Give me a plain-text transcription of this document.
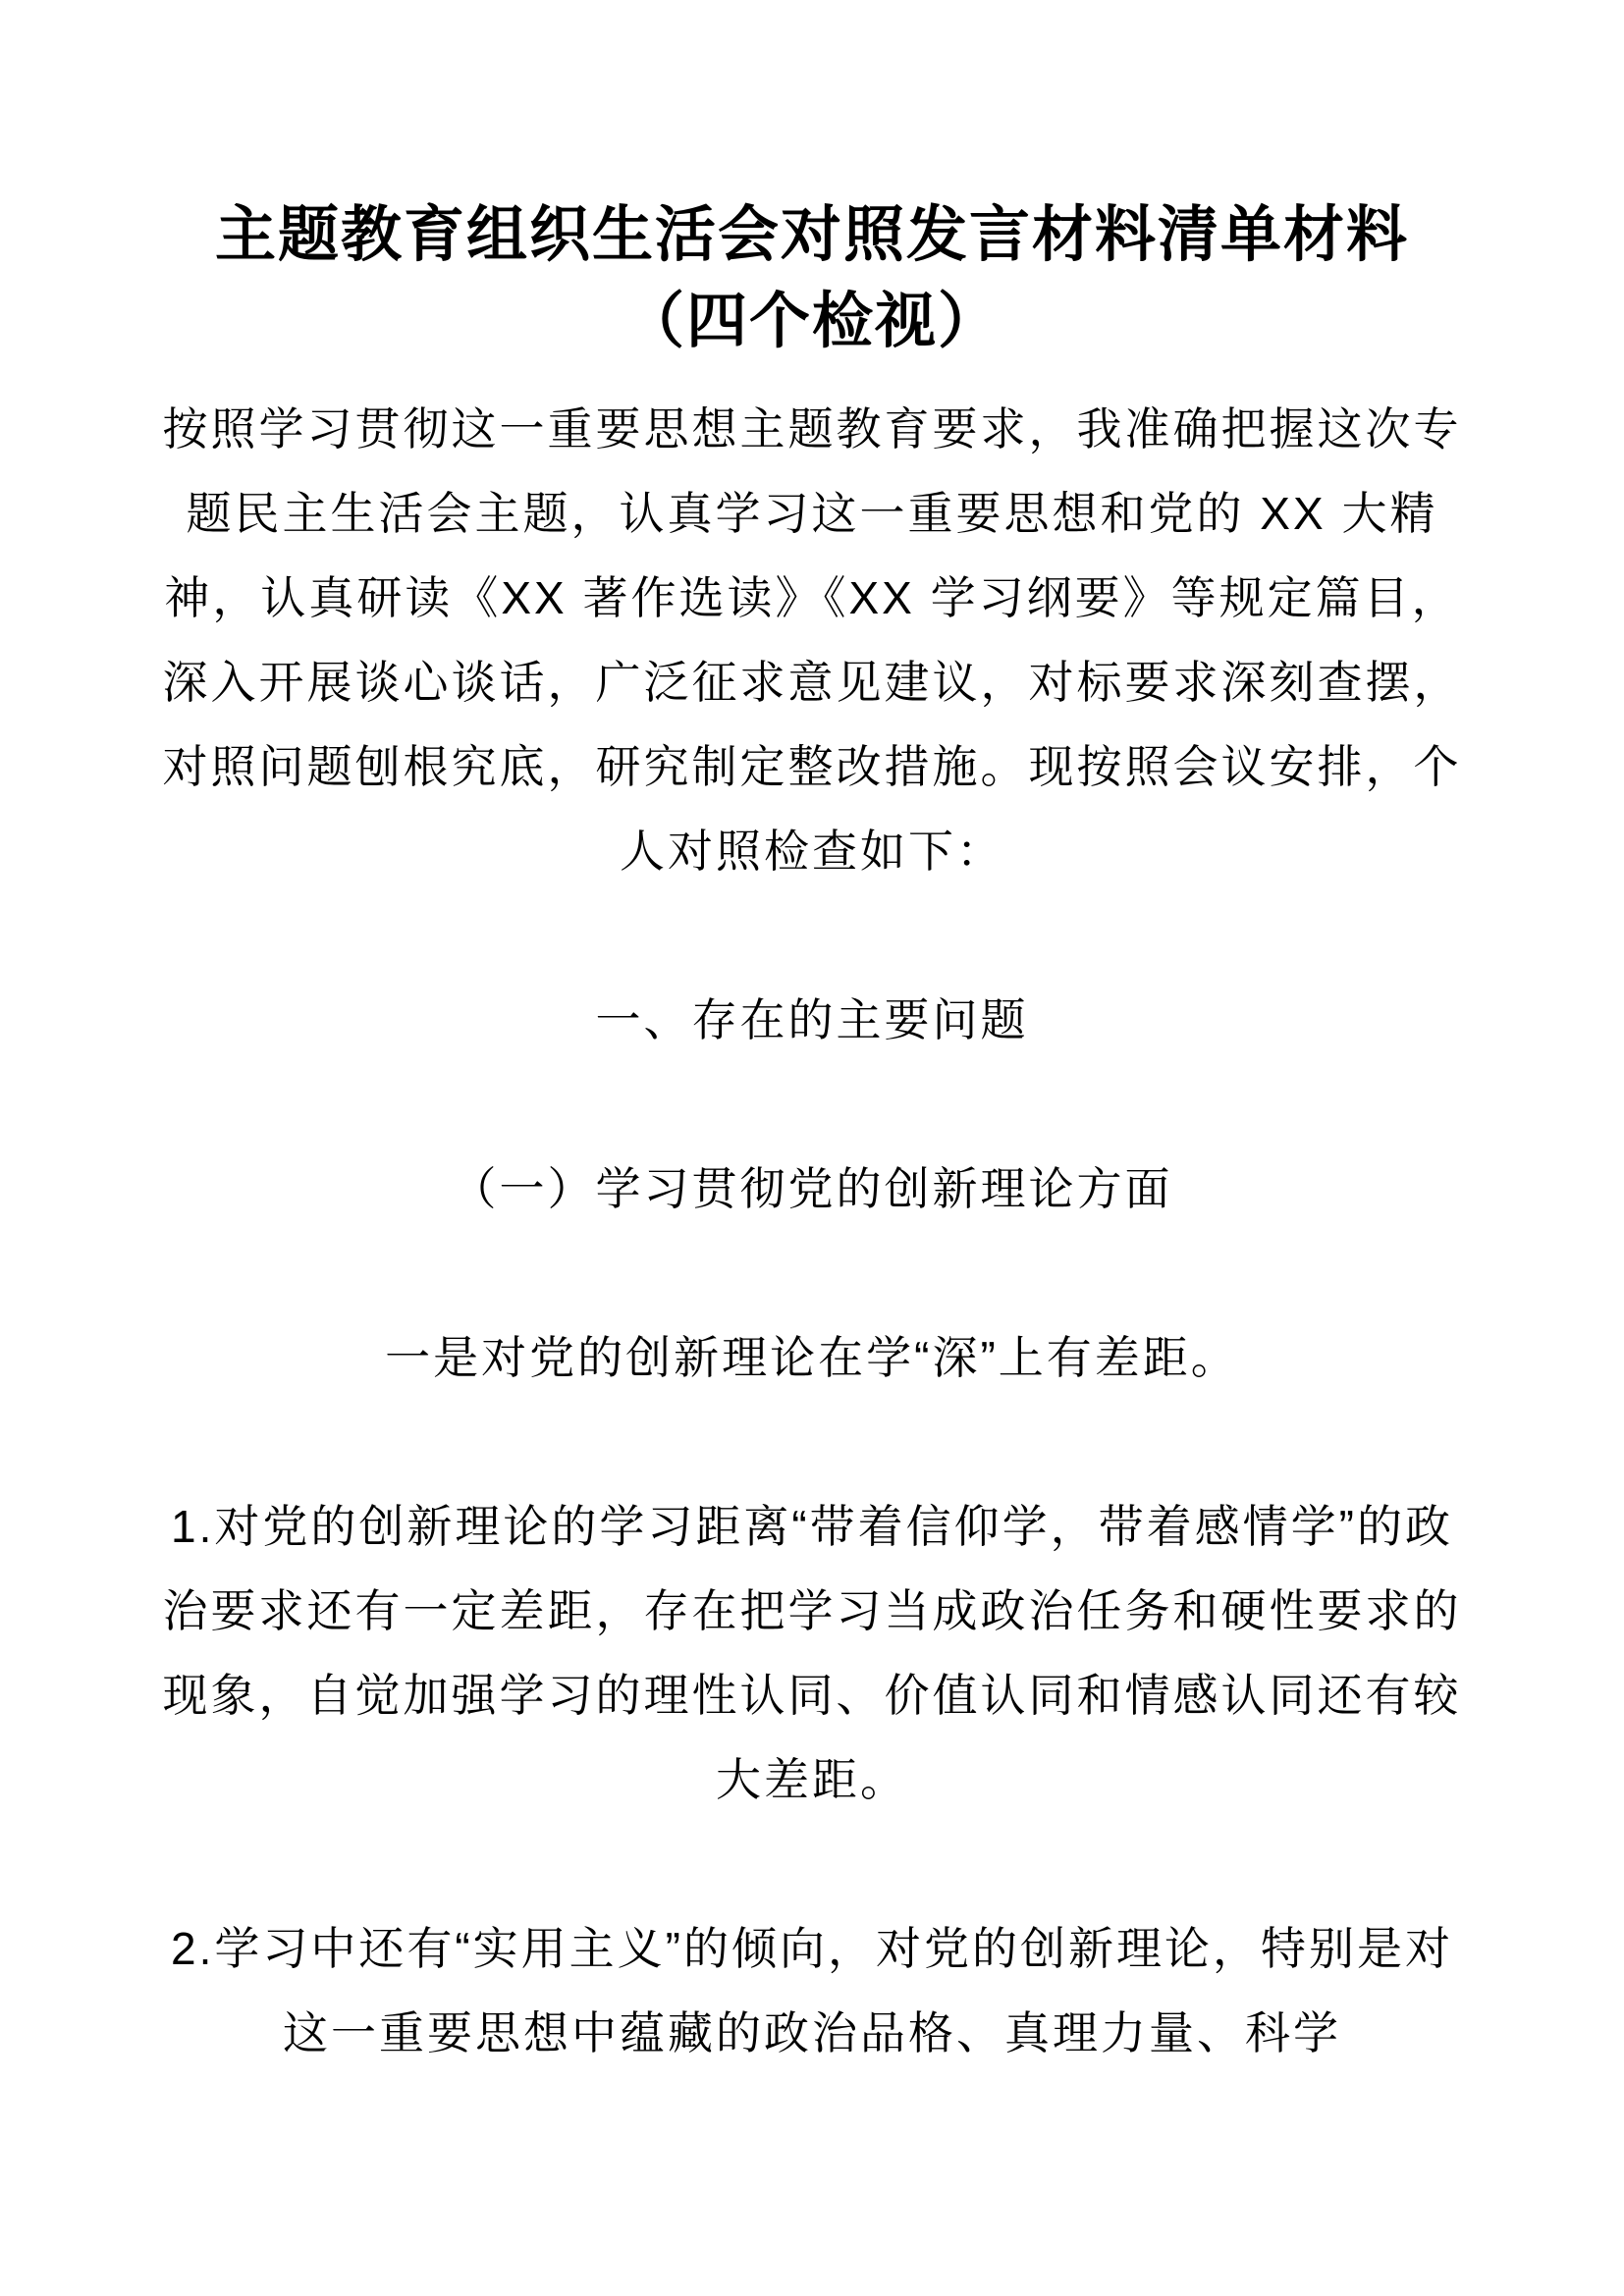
主题教育组织生活会对照发言材料清单材料（四个检视）

按照学习贯彻这一重要思想主题教育要求，我准确把握这次专题民主生活会主题，认真学习这一重要思想和党的 XX 大精神，认真研读《XX 著作选读》《XX 学习纲要》等规定篇目，深入开展谈心谈话，广泛征求意见建议，对标要求深刻查摆，对照问题刨根究底，研究制定整改措施。现按照会议安排，个人对照检查如下：

一、存在的主要问题

（一）学习贯彻党的创新理论方面

一是对党的创新理论在学“深”上有差距。

1.对党的创新理论的学习距离“带着信仰学，带着感情学”的政治要求还有一定差距，存在把学习当成政治任务和硬性要求的现象，自觉加强学习的理性认同、价值认同和情感认同还有较大差距。

2.学习中还有“实用主义”的倾向，对党的创新理论，特别是对这一重要思想中蕴藏的政治品格、真理力量、科学
